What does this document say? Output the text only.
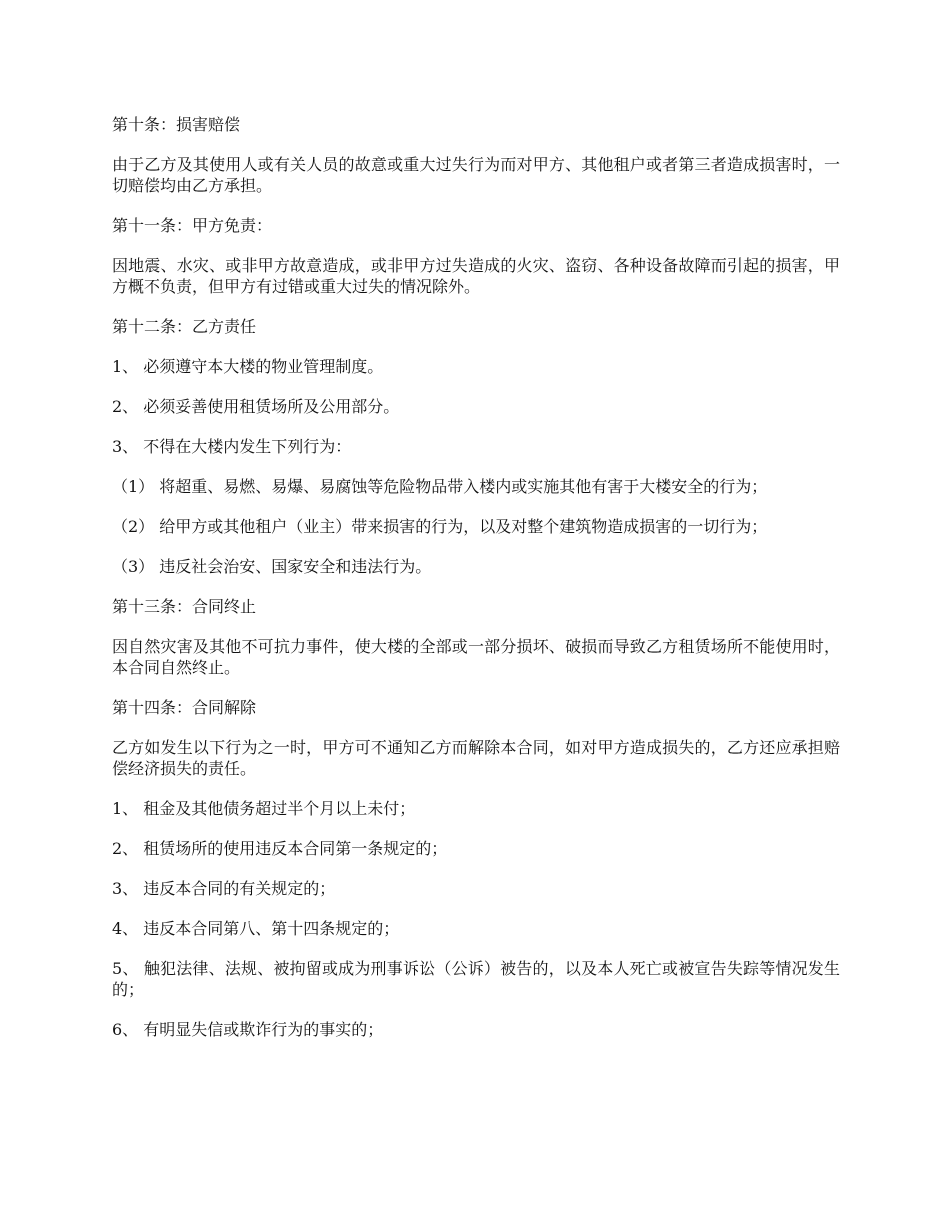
第十条：损害赔偿

由于乙方及其使用人或有关人员的故意或重大过失行为而对甲方、其他租户或者第三者造成损害时，一切赔偿均由乙方承担。

第十一条：甲方免责：

因地震、水灾、或非甲方故意造成，或非甲方过失造成的火灾、盗窃、各种设备故障而引起的损害，甲方概不负责，但甲方有过错或重大过失的情况除外。

第十二条：乙方责任

1、 必须遵守本大楼的物业管理制度。

2、 必须妥善使用租赁场所及公用部分。

3、 不得在大楼内发生下列行为：

（1） 将超重、易燃、易爆、易腐蚀等危险物品带入楼内或实施其他有害于大楼安全的行为；

（2） 给甲方或其他租户（业主）带来损害的行为，以及对整个建筑物造成损害的一切行为；

（3） 违反社会治安、国家安全和违法行为。

第十三条：合同终止

因自然灾害及其他不可抗力事件，使大楼的全部或一部分损坏、破损而导致乙方租赁场所不能使用时，本合同自然终止。

第十四条：合同解除

乙方如发生以下行为之一时，甲方可不通知乙方而解除本合同，如对甲方造成损失的，乙方还应承担赔偿经济损失的责任。

1、 租金及其他债务超过半个月以上未付；

2、 租赁场所的使用违反本合同第一条规定的；

3、 违反本合同的有关规定的；

4、 违反本合同第八、第十四条规定的；

5、 触犯法律、法规、被拘留或成为刑事诉讼（公诉）被告的，以及本人死亡或被宣告失踪等情况发生的；

6、 有明显失信或欺诈行为的事实的；
